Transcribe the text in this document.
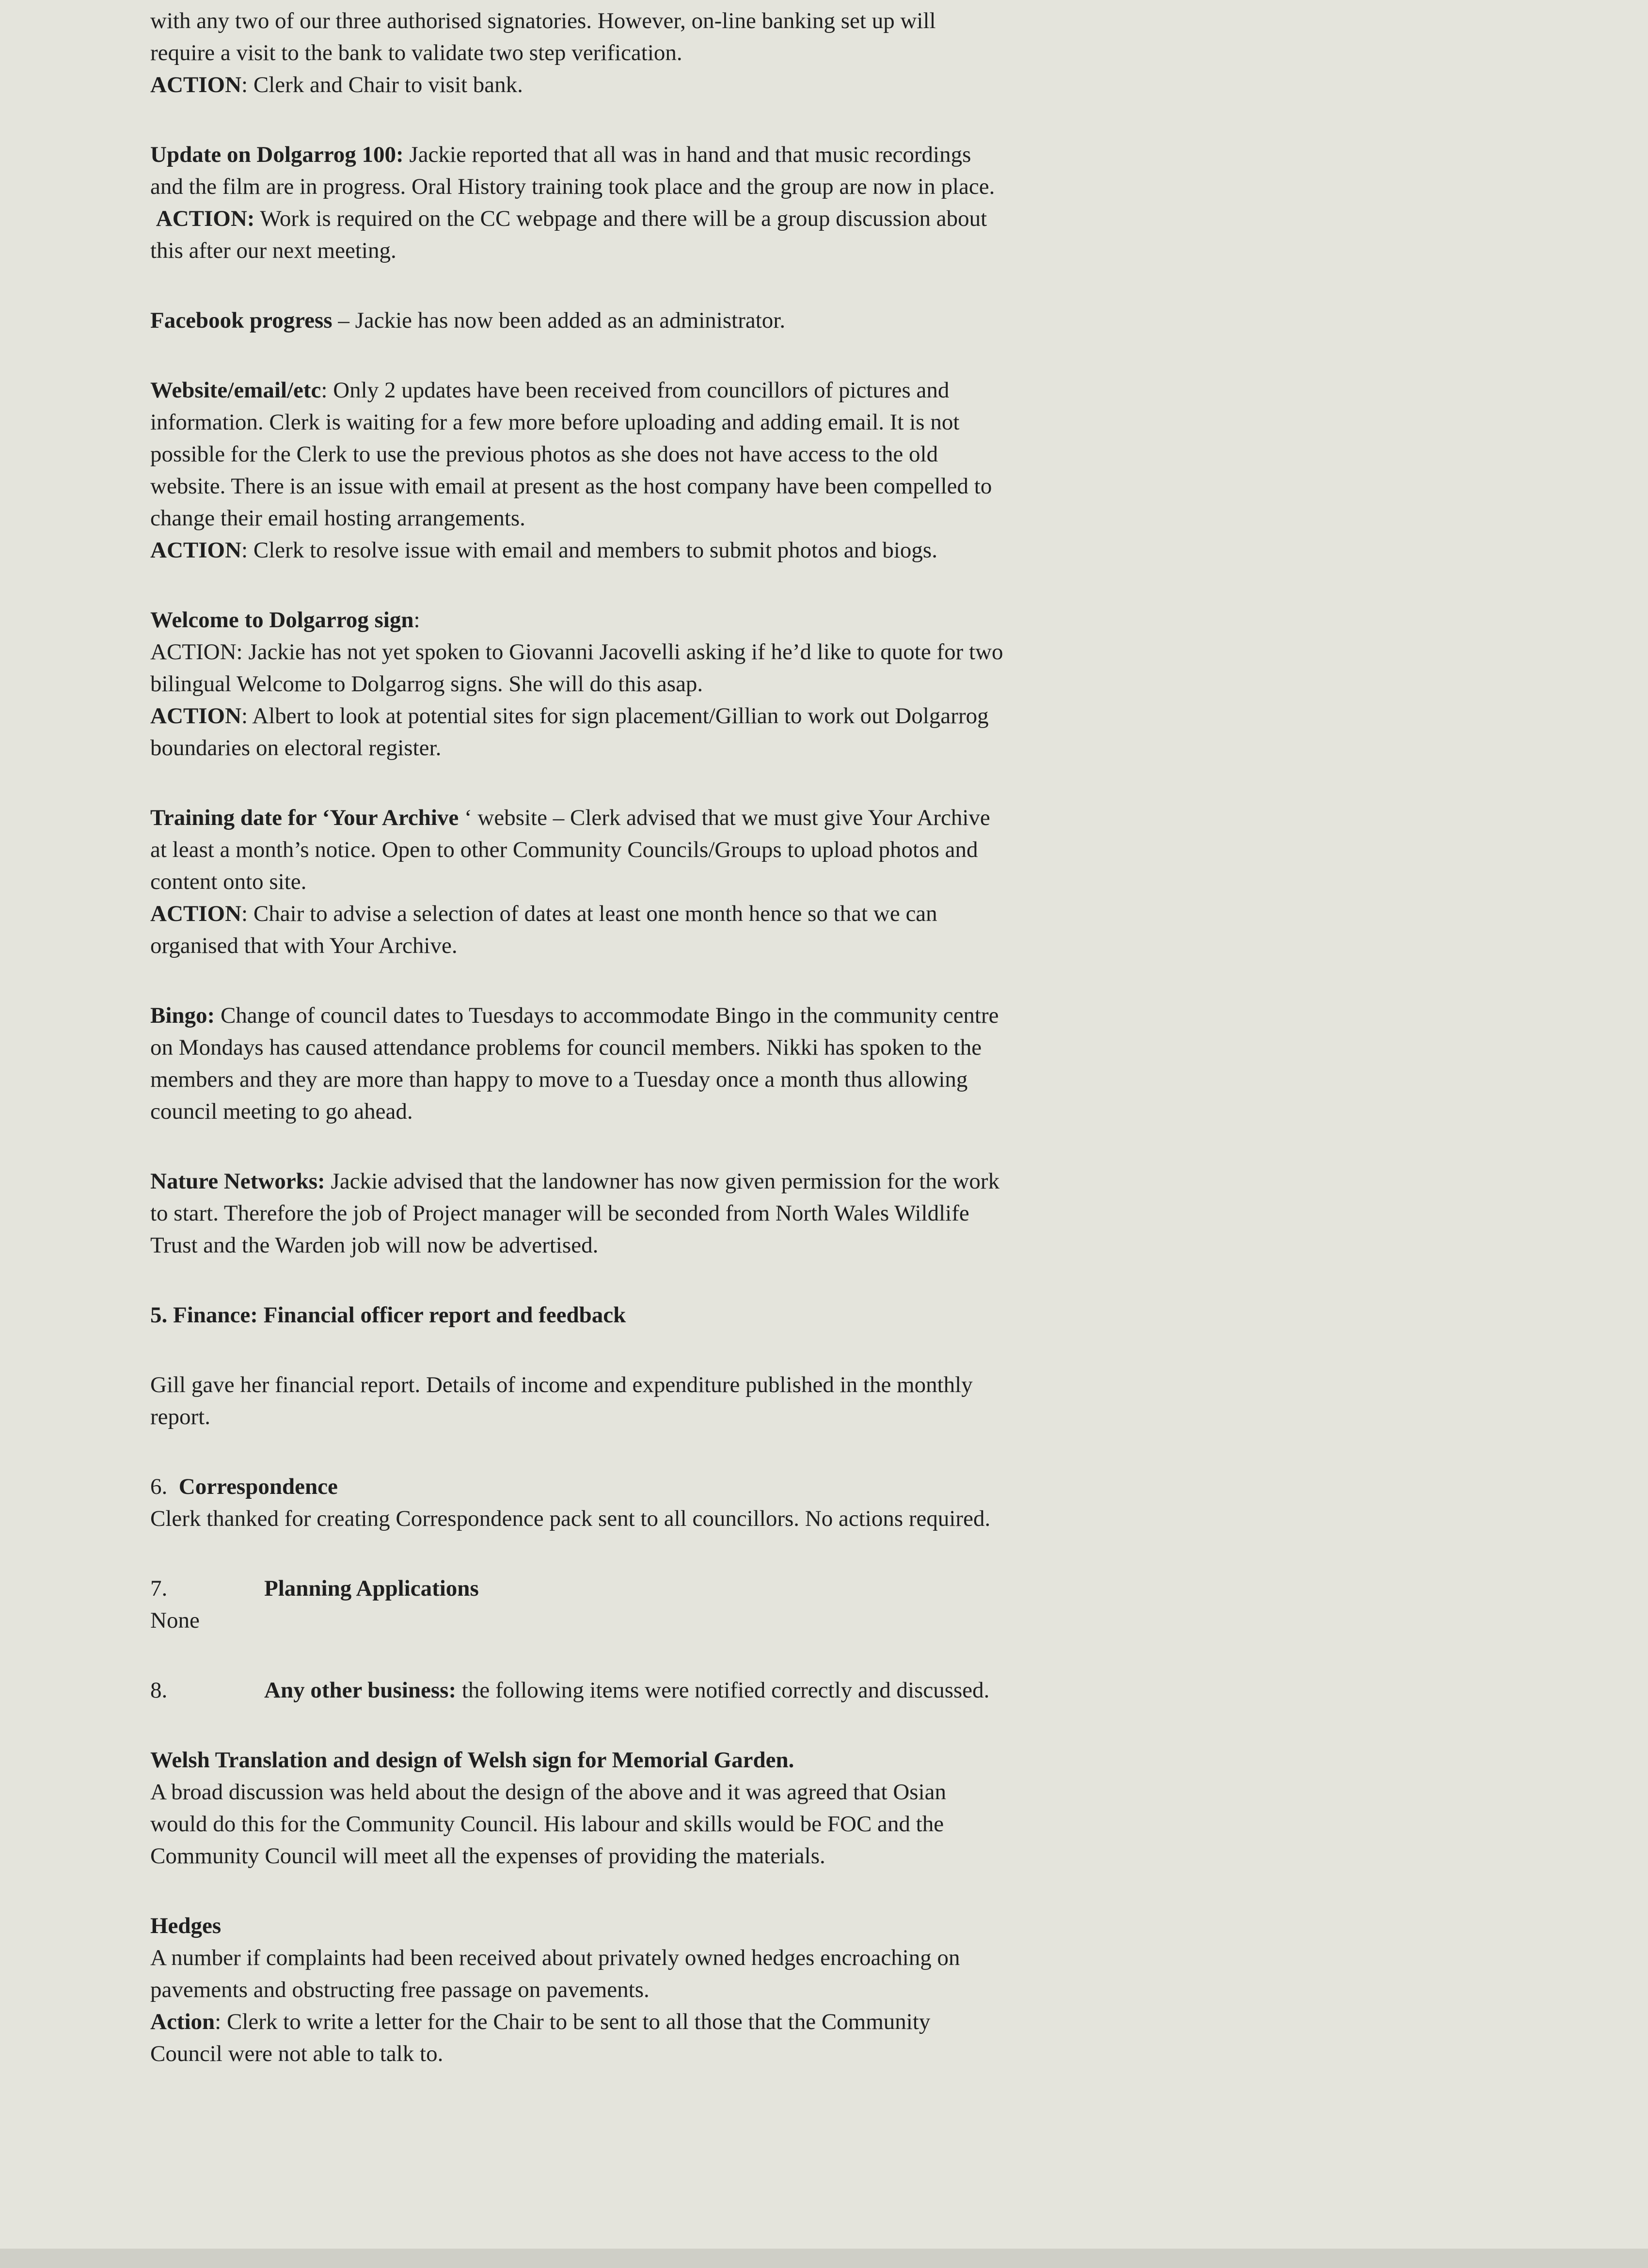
with any two of our three authorised signatories. However, on-line banking set up will

require a visit to the bank to validate two step verification.

ACTION: Clerk and Chair to visit bank.

Update on Dolgarrog 100: Jackie reported that all was in hand and that music recordings

and the film are in progress. Oral History training took place and the group are now in place.

ACTION: Work is required on the CC webpage and there will be a group discussion about

this after our next meeting.

Facebook progress – Jackie has now been added as an administrator.

Website/email/etc: Only 2 updates have been received from councillors of pictures and

information. Clerk is waiting for a few more before uploading and adding email. It is not

possible for the Clerk to use the previous photos as she does not have access to the old

website. There is an issue with email at present as the host company have been compelled to

change their email hosting arrangements.

ACTION: Clerk to resolve issue with email and members to submit photos and biogs.

Welcome to Dolgarrog sign:

ACTION: Jackie has not yet spoken to Giovanni Jacovelli asking if he’d like to quote for two

bilingual Welcome to Dolgarrog signs. She will do this asap.

ACTION: Albert to look at potential sites for sign placement/Gillian to work out Dolgarrog

boundaries on electoral register.

Training date for ‘Your Archive ‘ website – Clerk advised that we must give Your Archive

at least a month’s notice. Open to other Community Councils/Groups to upload photos and

content onto site.

ACTION: Chair to advise a selection of dates at least one month hence so that we can

organised that with Your Archive.

Bingo: Change of council dates to Tuesdays to accommodate Bingo in the community centre

on Mondays has caused attendance problems for council members. Nikki has spoken to the

members and they are more than happy to move to a Tuesday once a month thus allowing

council meeting to go ahead.

Nature Networks: Jackie advised that the landowner has now given permission for the work

to start. Therefore the job of Project manager will be seconded from North Wales Wildlife

Trust and the Warden job will now be advertised.

5. Finance: Financial officer report and feedback

Gill gave her financial report. Details of income and expenditure published in the monthly

report.

6. Correspondence

Clerk thanked for creating Correspondence pack sent to all councillors. No actions required.

7.	Planning Applications

None

8.	Any other business: the following items were notified correctly and discussed.

Welsh Translation and design of Welsh sign for Memorial Garden.

A broad discussion was held about the design of the above and it was agreed that Osian

would do this for the Community Council. His labour and skills would be FOC and the

Community Council will meet all the expenses of providing the materials.

Hedges

A number if complaints had been received about privately owned hedges encroaching on

pavements and obstructing free passage on pavements.

Action: Clerk to write a letter for the Chair to be sent to all those that the Community

Council were not able to talk to.
